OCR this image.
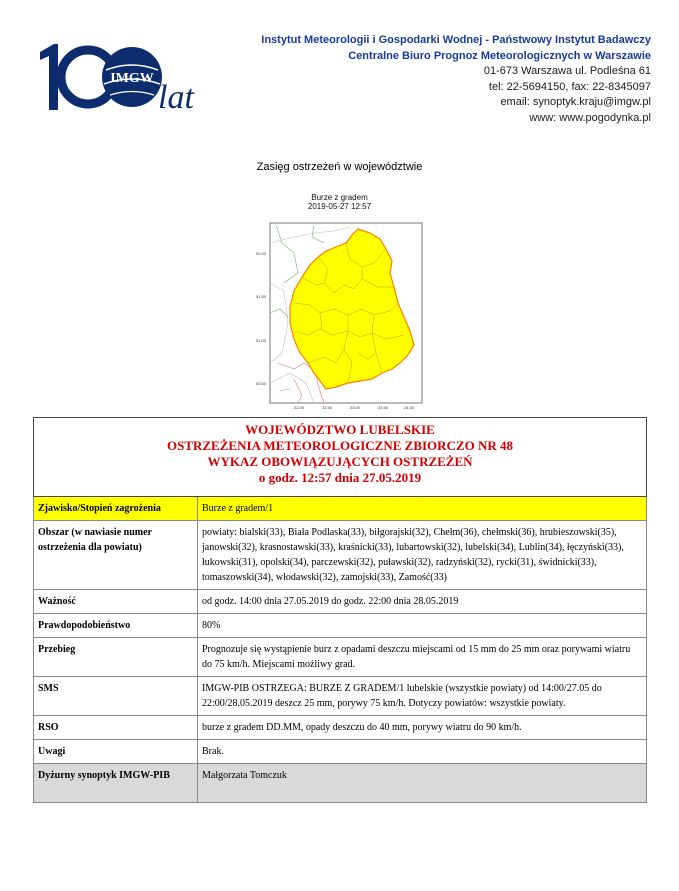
IMGW
lat
Instytut Meteorologii i Gospodarki Wodnej - Państwowy Instytut Badawczy
Centralne Biuro Prognoz Meteorologicznych w Warszawie
01-673 Warszawa ul. Podleśna 61
tel: 22-5694150, fax: 22-8345097
email: synoptyk.kraju@imgw.pl
www: www.pogodynka.pl
Zasięg ostrzeżeń w województwie
Burze z gradem
2019-05-27 12:57
52.00
51.50
51.00
50.50
22.00	22.50	23.00	23.50	24.00
WOJEWÓDZTWO LUBELSKIE
OSTRZEŻENIA METEOROLOGICZNE ZBIORCZO NR 48
WYKAZ OBOWIĄZUJĄCYCH OSTRZEŻEŃ
o godz. 12:57 dnia 27.05.2019	

Zjawisko/Stopień zagrożenia	Burze z gradem/1
Obszar (w nawiasie numer ostrzeżenia dla powiatu)	powiaty: bialski(33), Biała Podlaska(33), biłgorajski(32), Chełm(36), chełmski(36), hrubieszowski(35), janowski(32), krasnostawski(33), kraśnicki(33), lubartowski(32), lubelski(34), Lublin(34), łęczyński(33), łukowski(31), opolski(34), parczewski(32), puławski(32), radzyński(32), rycki(31), świdnicki(33), tomaszowski(34), włodawski(32), zamojski(33), Zamość(33)
Ważność	od godz. 14:00 dnia 27.05.2019 do godz. 22:00 dnia 28.05.2019
Prawdopodobieństwo	80%
Przebieg	Prognozuje się wystąpienie burz z opadami deszczu miejscami od 15 mm do 25 mm oraz porywami wiatru do 75 km/h. Miejscami możliwy grad.
SMS	IMGW-PIB OSTRZEGA: BURZE Z GRADEM/1 lubelskie (wszystkie powiaty) od 14:00/27.05 do 22:00/28.05.2019 deszcz 25 mm, porywy 75 km/h. Dotyczy powiatów: wszystkie powiaty.
RSO	burze z gradem DD.MM, opady deszczu do 40 mm, porywy wiatru do 90 km/h.
Uwagi	Brak.
Dyżurny synoptyk IMGW-PIB	Małgorzata Tomczuk
